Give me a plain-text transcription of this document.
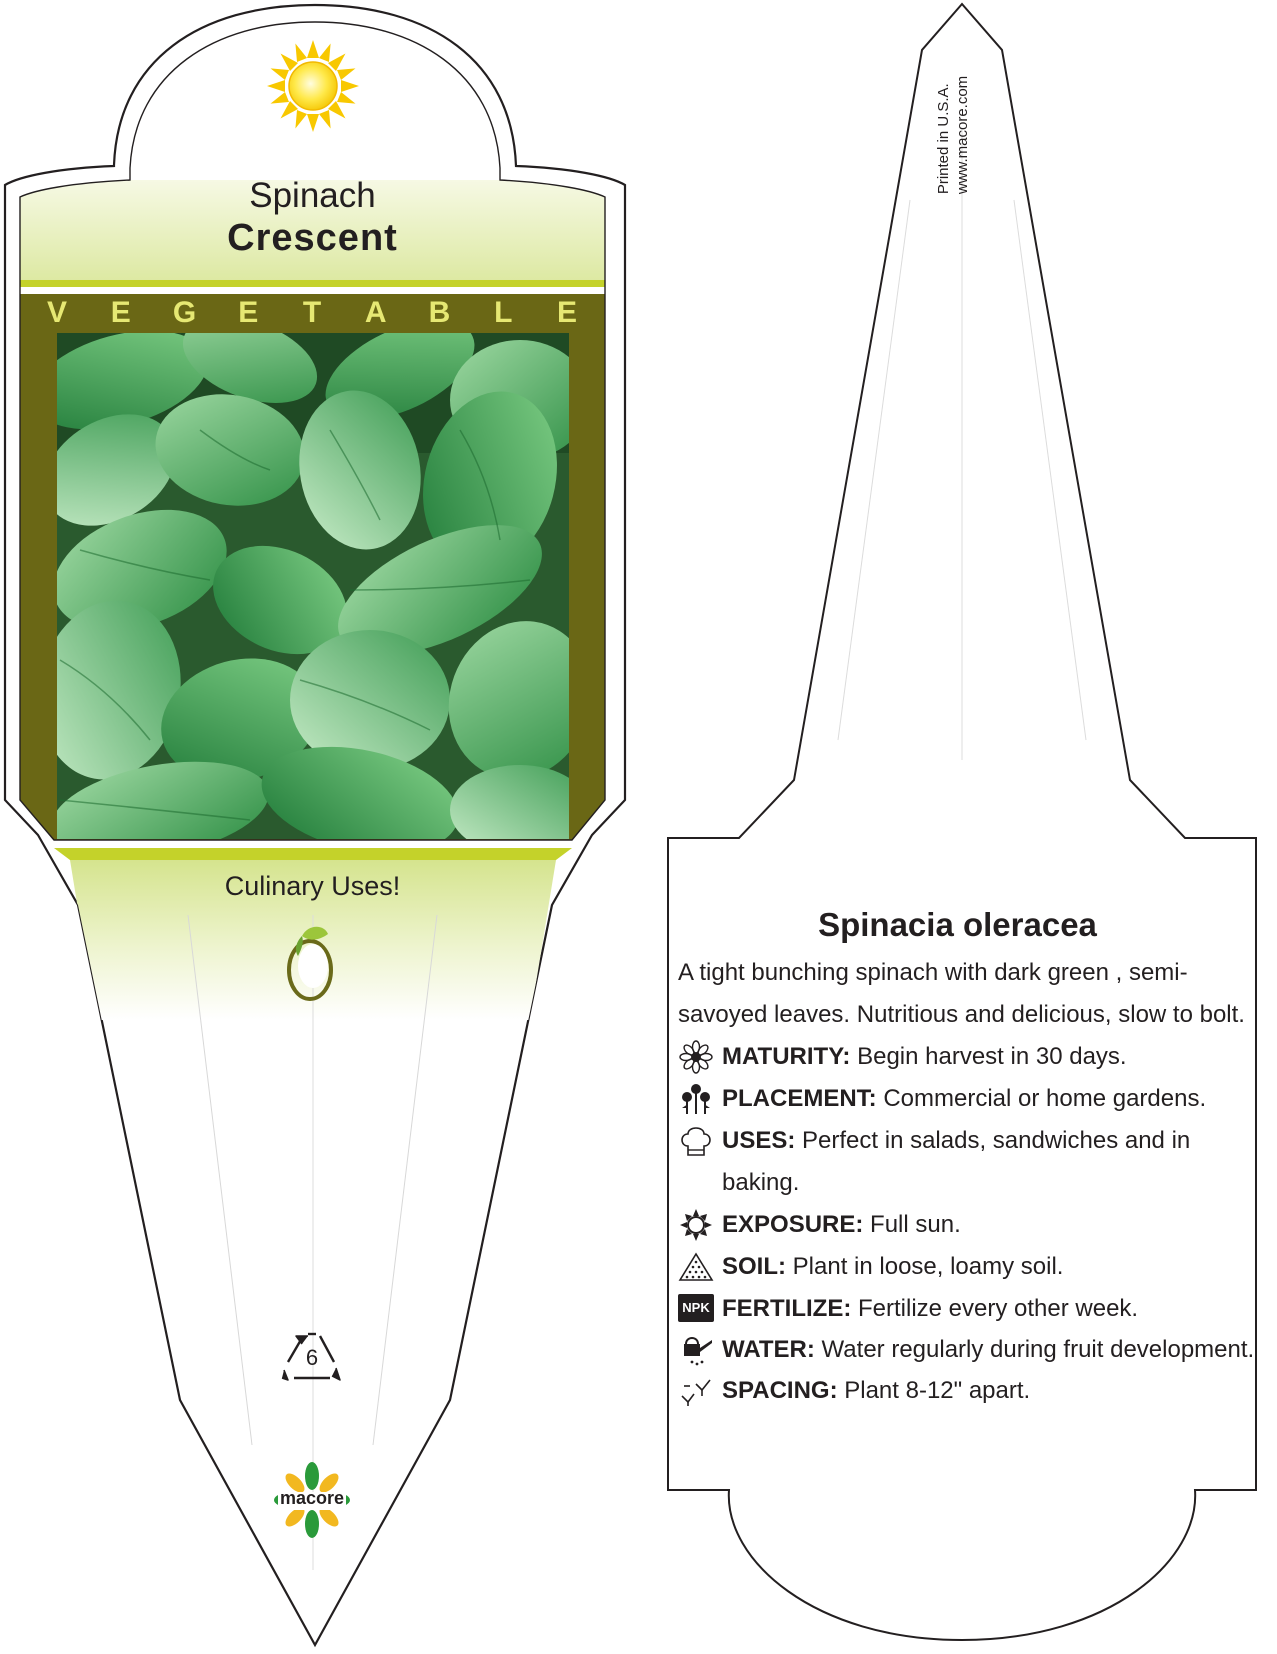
6
macore
Spinach
Crescent
V E G E T A B L E
Culinary Uses!
Printed in U.S.A. www.macore.com
Spinacia oleracea

A tight bunching spinach with dark green , semi-savoyed leaves. Nutritious and delicious, slow to bolt.

MATURITY: Begin harvest in 30 days.

PLACEMENT: Commercial or home gardens.

USES: Perfect in salads, sandwiches and in baking.

EXPOSURE: Full sun.

SOIL: Plant in loose, loamy soil.

NPK FERTILIZE: Fertilize every other week.

WATER: Water regularly during fruit development.

SPACING: Plant 8-12" apart.
